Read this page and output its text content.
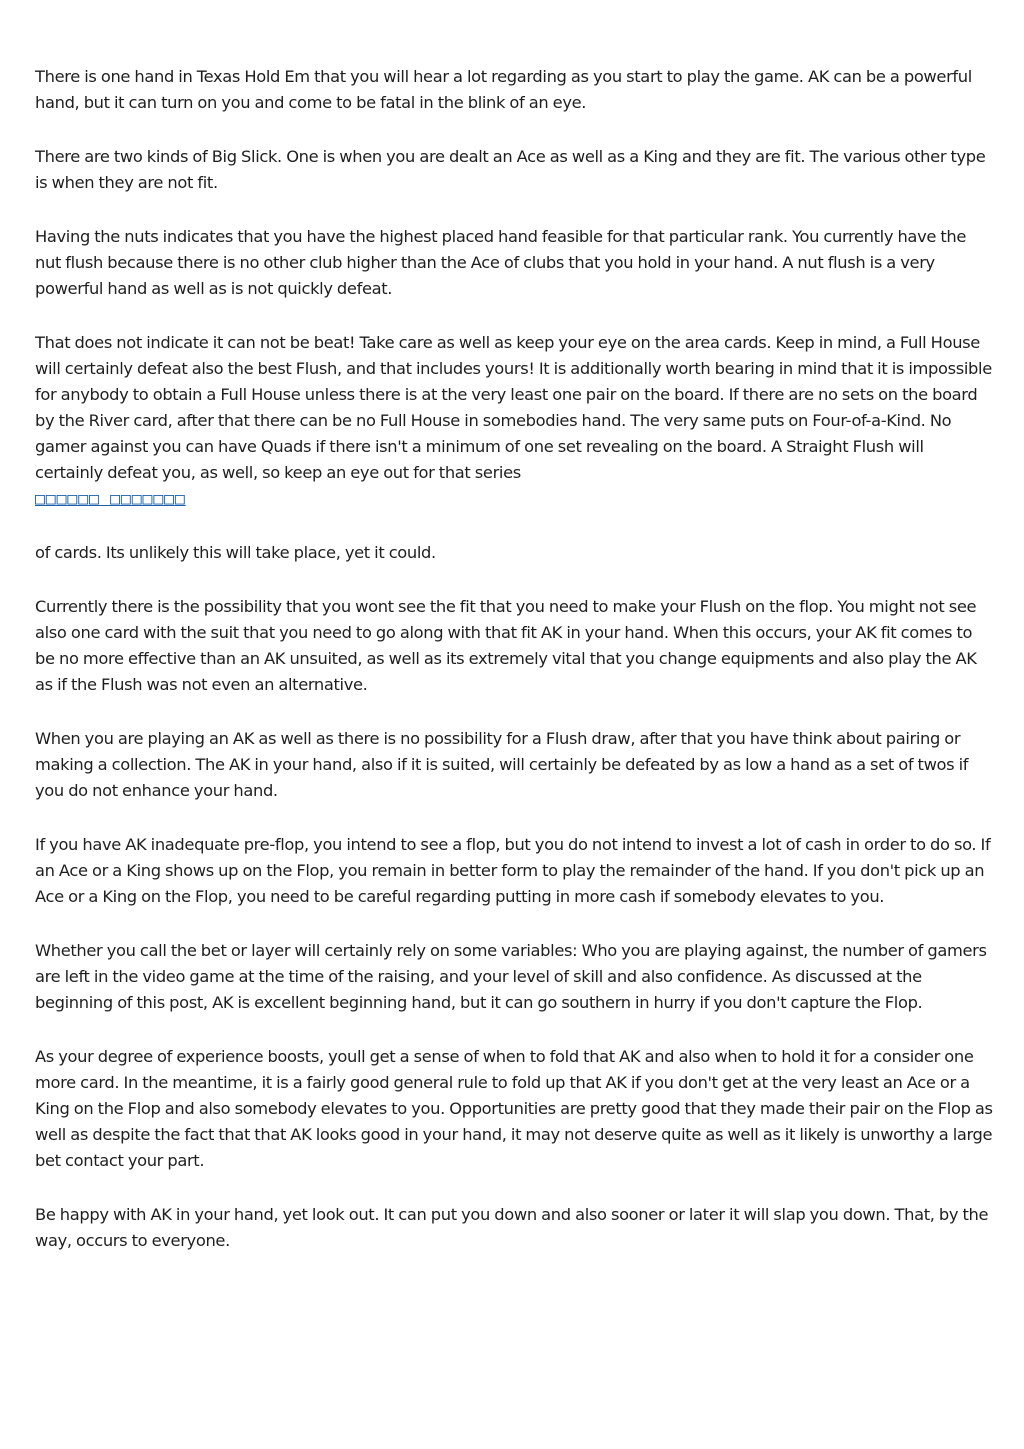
There is one hand in Texas Hold Em that you will hear a lot regarding as you start to play the game. AK can be a powerful hand, but it can turn on you and come to be fatal in the blink of an eye.

There are two kinds of Big Slick. One is when you are dealt an Ace as well as a King and they are fit. The various other type is when they are not fit.

Having the nuts indicates that you have the highest placed hand feasible for that particular rank. You currently have the nut flush because there is no other club higher than the Ace of clubs that you hold in your hand. A nut flush is a very powerful hand as well as is not quickly defeat.

That does not indicate it can not be beat! Take care as well as keep your eye on the area cards. Keep in mind, a Full House will certainly defeat also the best Flush, and that includes yours! It is additionally worth bearing in mind that it is impossible for anybody to obtain a Full House unless there is at the very least one pair on the board. If there are no sets on the board by the River card, after that there can be no Full House in somebodies hand. The very same puts on Four-of-a-Kind. No gamer against you can have Quads if there isn't a minimum of one set revealing on the board. A Straight Flush will certainly defeat you, as well, so keep an eye out for that series

□□□□□□ □□□□□□□

of cards. Its unlikely this will take place, yet it could.

Currently there is the possibility that you wont see the fit that you need to make your Flush on the flop. You might not see also one card with the suit that you need to go along with that fit AK in your hand. When this occurs, your AK fit comes to be no more effective than an AK unsuited, as well as its extremely vital that you change equipments and also play the AK as if the Flush was not even an alternative.

When you are playing an AK as well as there is no possibility for a Flush draw, after that you have think about pairing or making a collection. The AK in your hand, also if it is suited, will certainly be defeated by as low a hand as a set of twos if you do not enhance your hand.

If you have AK inadequate pre-flop, you intend to see a flop, but you do not intend to invest a lot of cash in order to do so. If an Ace or a King shows up on the Flop, you remain in better form to play the remainder of the hand. If you don't pick up an Ace or a King on the Flop, you need to be careful regarding putting in more cash if somebody elevates to you.

Whether you call the bet or layer will certainly rely on some variables: Who you are playing against, the number of gamers are left in the video game at the time of the raising, and your level of skill and also confidence. As discussed at the beginning of this post, AK is excellent beginning hand, but it can go southern in hurry if you don't capture the Flop.

As your degree of experience boosts, youll get a sense of when to fold that AK and also when to hold it for a consider one more card. In the meantime, it is a fairly good general rule to fold up that AK if you don't get at the very least an Ace or a King on the Flop and also somebody elevates to you. Opportunities are pretty good that they made their pair on the Flop as well as despite the fact that that AK looks good in your hand, it may not deserve quite as well as it likely is unworthy a large bet contact your part.

Be happy with AK in your hand, yet look out. It can put you down and also sooner or later it will slap you down. That, by the way, occurs to everyone.
